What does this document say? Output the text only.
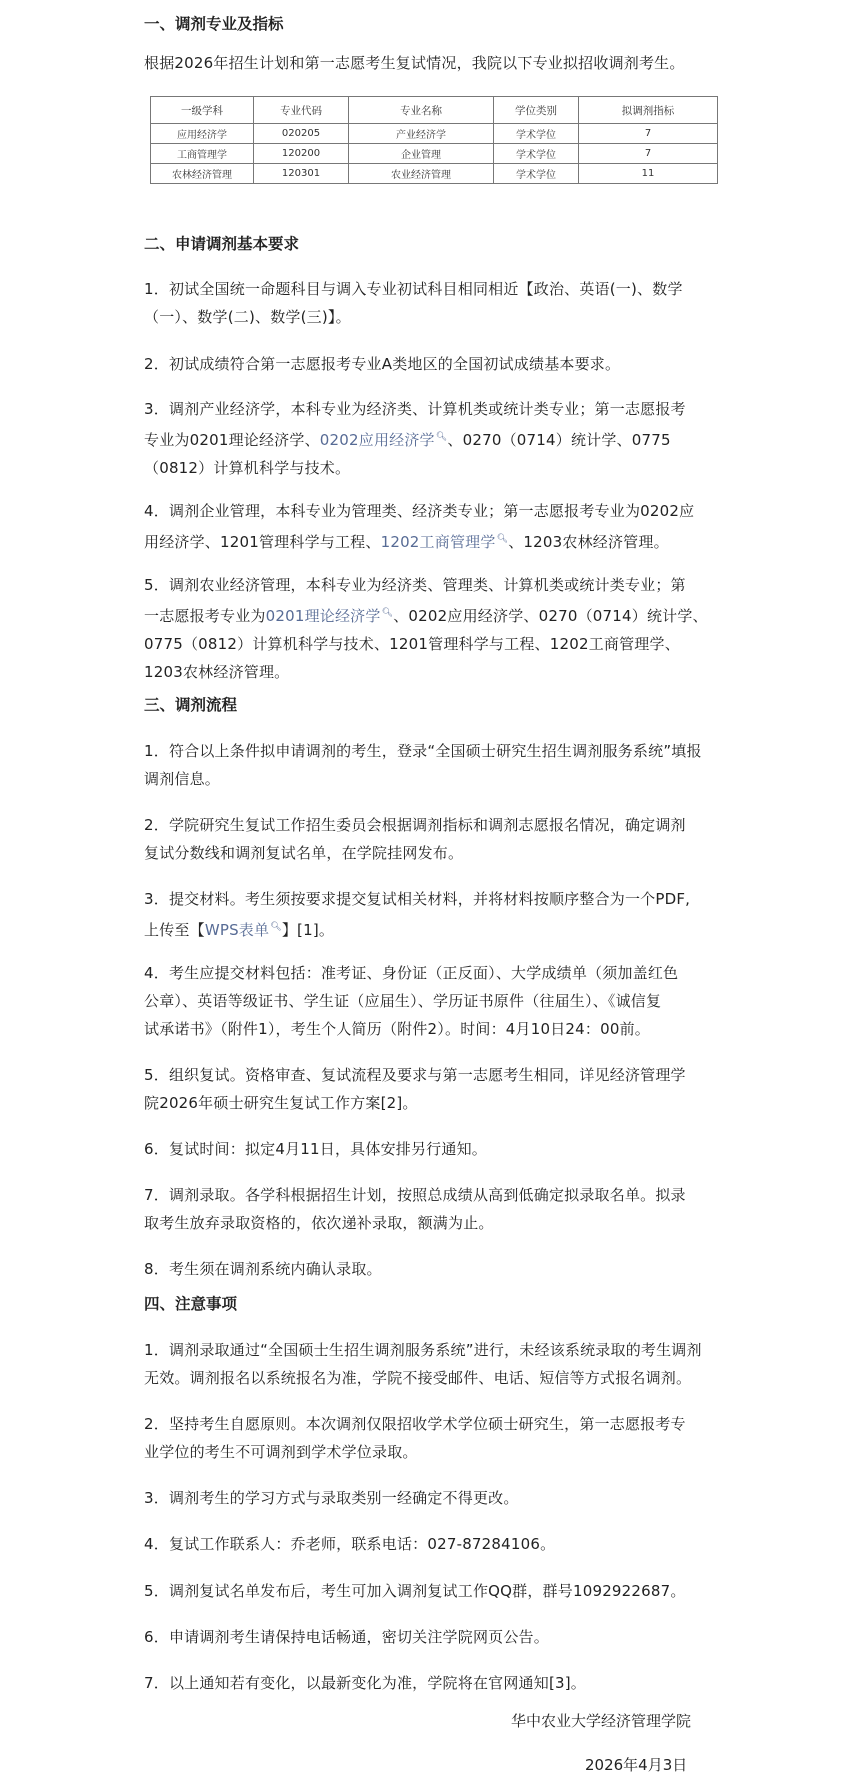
一、调剂专业及指标

根据2026年招生计划和第一志愿考生复试情况，我院以下专业拟招收调剂考生。

一级学科	专业代码	专业名称	学位类别	拟调剂指标
应用经济学	020205	产业经济学	学术学位	7
工商管理学	120200	企业管理	学术学位	7
农林经济管理	120301	农业经济管理	学术学位	11

二、申请调剂基本要求

1．初试全国统一命题科目与调入专业初试科目相同相近【政治、英语(一)、数学

（一）、数学(二)、数学(三)】。

2．初试成绩符合第一志愿报考专业A类地区的全国初试成绩基本要求。

3．调剂产业经济学，本科专业为经济类、计算机类或统计类专业；第一志愿报考

专业为0201理论经济学、0202应用经济学🔍︎、0270（0714）统计学、0775

（0812）计算机科学与技术。

4．调剂企业管理，本科专业为管理类、经济类专业；第一志愿报考专业为0202应

用经济学、1201管理科学与工程、1202工商管理学🔍︎、1203农林经济管理。

5．调剂农业经济管理，本科专业为经济类、管理类、计算机类或统计类专业；第

一志愿报考专业为0201理论经济学🔍︎、0202应用经济学、0270（0714）统计学、

0775（0812）计算机科学与技术、1201管理科学与工程、1202工商管理学、

1203农林经济管理。

三、调剂流程

1．符合以上条件拟申请调剂的考生，登录“全国硕士研究生招生调剂服务系统”填报

调剂信息。

2．学院研究生复试工作招生委员会根据调剂指标和调剂志愿报名情况，确定调剂

复试分数线和调剂复试名单，在学院挂网发布。

3．提交材料。考生须按要求提交复试相关材料，并将材料按顺序整合为一个PDF,

上传至【WPS表单🔍︎】[1]。

4．考生应提交材料包括：准考证、身份证（正反面）、大学成绩单（须加盖红色

公章）、英语等级证书、学生证（应届生）、学历证书原件（往届生）、《诚信复

试承诺书》（附件1），考生个人简历（附件2）。时间：4月10日24：00前。

5．组织复试。资格审查、复试流程及要求与第一志愿考生相同，详见经济管理学

院2026年硕士研究生复试工作方案[2]。

6．复试时间：拟定4月11日，具体安排另行通知。

7．调剂录取。各学科根据招生计划，按照总成绩从高到低确定拟录取名单。拟录

取考生放弃录取资格的，依次递补录取，额满为止。

8．考生须在调剂系统内确认录取。

四、注意事项

1．调剂录取通过“全国硕士生招生调剂服务系统”进行，未经该系统录取的考生调剂

无效。调剂报名以系统报名为准，学院不接受邮件、电话、短信等方式报名调剂。

2．坚持考生自愿原则。本次调剂仅限招收学术学位硕士研究生，第一志愿报考专

业学位的考生不可调剂到学术学位录取。

3．调剂考生的学习方式与录取类别一经确定不得更改。

4．复试工作联系人：乔老师，联系电话：027-87284106。

5．调剂复试名单发布后，考生可加入调剂复试工作QQ群，群号1092922687。

6．申请调剂考生请保持电话畅通，密切关注学院网页公告。

7．以上通知若有变化，以最新变化为准，学院将在官网通知[3]。

华中农业大学经济管理学院

2026年4月3日
